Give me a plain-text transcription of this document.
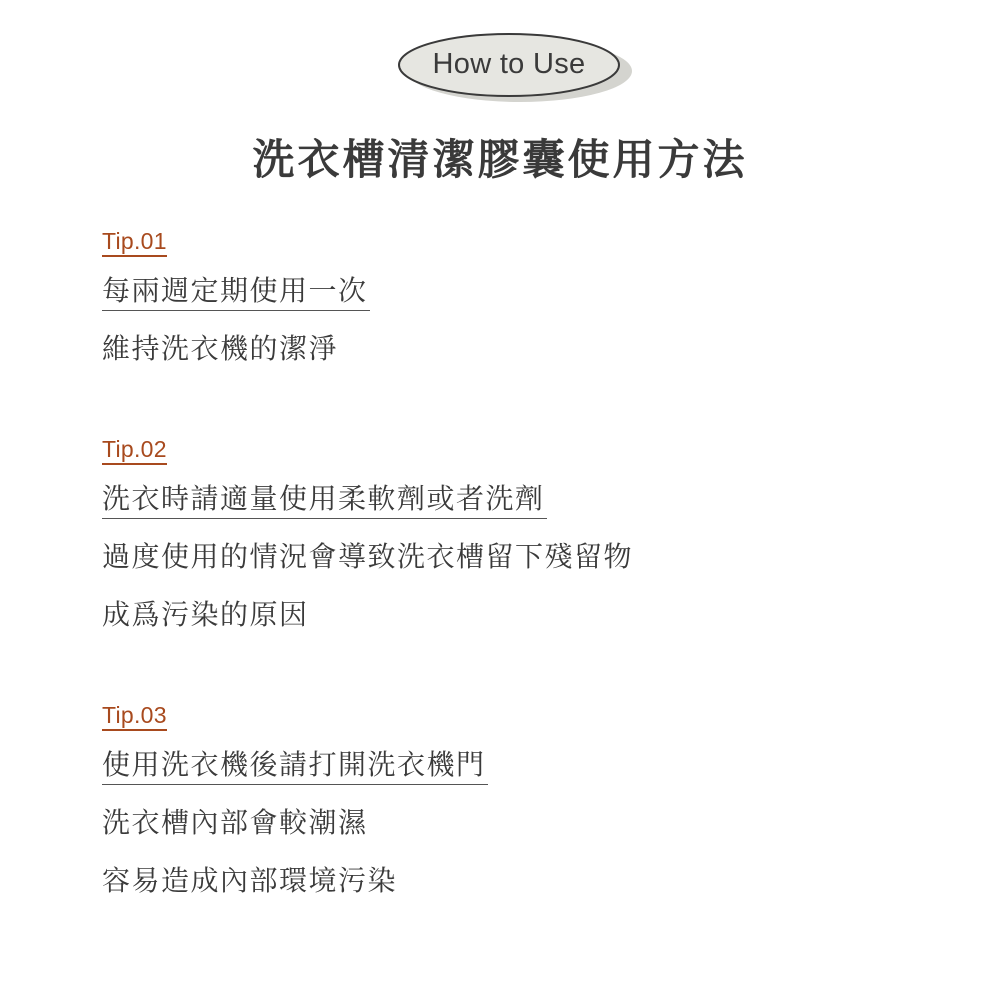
How to Use
洗衣槽清潔膠囊使用方法
Tip.01
每兩週定期使用一次
維持洗衣機的潔淨
Tip.02
洗衣時請適量使用柔軟劑或者洗劑
過度使用的情況會導致洗衣槽留下殘留物
成爲污染的原因
Tip.03
使用洗衣機後請打開洗衣機門
洗衣槽內部會較潮濕
容易造成內部環境污染
